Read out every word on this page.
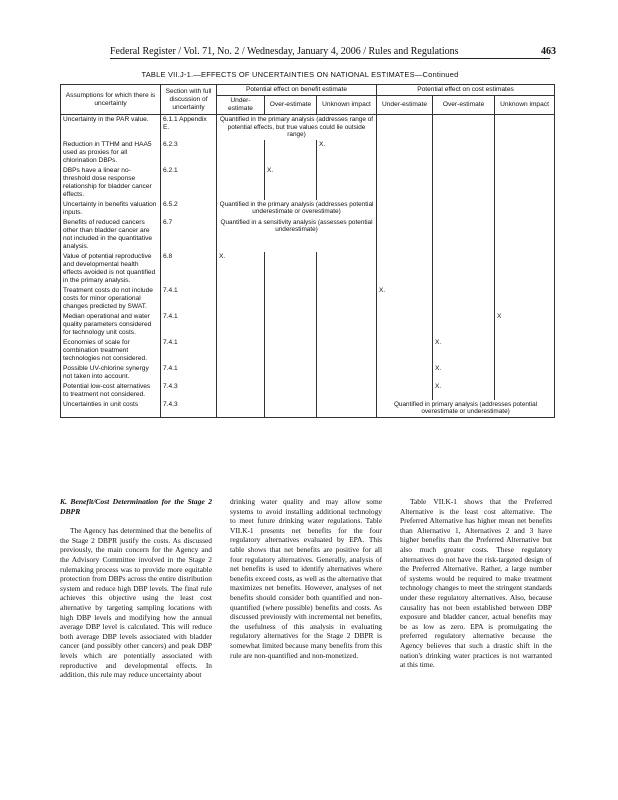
Federal Register / Vol. 71, No. 2 / Wednesday, January 4, 2006 / Rules and Regulations	463
TABLE VII.J-1.—EFFECTS OF UNCERTAINTIES ON NATIONAL ESTIMATES—Continued
Assumptions for which there is uncertainty	Section with full discussion of uncertainty	Potential effect on benefit estimate			Potential effect on cost estimates		
		Under-estimate	Over-estimate	Unknown impact	Under-estimate	Over-estimate	Unknown impact
Uncertainty in the PAR value.	6.1.1 Appendix E.	Quantified in the primary analysis (addresses range of potential effects, but true values could lie outside range)					
Reduction in TTHM and HAA5 used as proxies for all chlorination DBPs.	6.2.3			X.			
DBPs have a linear no-threshold dose response relationship for bladder cancer effects.	6.2.1		X.				
Uncertainty in benefits valuation inputs.	6.5.2	Quantified in the primary analysis (addresses potential underestimate or overestimate)					
Benefits of reduced cancers other than bladder cancer are not included in the quantitative analysis.	6.7	Quantified in a sensitivity analysis (assesses potential underestimate)					
Value of potential reproductive and developmental health effects avoided is not quantified in the primary analysis.	6.8	X.					
Treatment costs do not include costs for minor operational changes predicted by SWAT.	7.4.1				X.		
Median operational and water quality parameters considered for technology unit costs.	7.4.1						X
Economies of scale for combination treatment technologies not considered.	7.4.1					X.	
Possible UV-chlorine synergy not taken into account.	7.4.1					X.	
Potential low-cost alternatives to treatment not considered.	7.4.3					X.	
Uncertainties in unit costs	7.4.3				Quantified in primary analysis (addresses potential overestimate or underestimate)		
K. Benefit/Cost Determination for the Stage 2 DBPR

The Agency has determined that the benefits of the Stage 2 DBPR justify the costs. As discussed previously, the main concern for the Agency and the Advisory Committee involved in the Stage 2 rulemaking process was to provide more equitable protection from DBPs across the entire distribution system and reduce high DBP levels. The final rule achieves this objective using the least cost alternative by targeting sampling locations with high DBP levels and modifying how the annual average DBP level is calculated. This will reduce both average DBP levels associated with bladder cancer (and possibly other cancers) and peak DBP levels which are potentially associated with reproductive and developmental effects. In addition, this rule may reduce uncertainty about

drinking water quality and may allow some systems to avoid installing additional technology to meet future drinking water regulations. Table VII.K-1 presents net benefits for the four regulatory alternatives evaluated by EPA. This table shows that net benefits are positive for all four regulatory alternatives. Generally, analysis of net benefits is used to identify alternatives where benefits exceed costs, as well as the alternative that maximizes net benefits. However, analyses of net benefits should consider both quantified and non-quantified (where possible) benefits and costs. As discussed previously with incremental net benefits, the usefulness of this analysis in evaluating regulatory alternatives for the Stage 2 DBPR is somewhat limited because many benefits from this rule are non-quantified and non-monetized.

Table VII.K-1 shows that the Preferred Alternative is the least cost alternative. The Preferred Alternative has higher mean net benefits than Alternative 1, Alternatives 2 and 3 have higher benefits than the Preferred Alternative but also much greater costs. These regulatory alternatives do not have the risk-targeted design of the Preferred Alternative. Rather, a large number of systems would be required to make treatment technology changes to meet the stringent standards under these regulatory alternatives. Also, because causality has not been established between DBP exposure and bladder cancer, actual benefits may be as low as zero. EPA is promulgating the preferred regulatory alternative because the Agency believes that such a drastic shift in the nation's drinking water practices is not warranted at this time.
